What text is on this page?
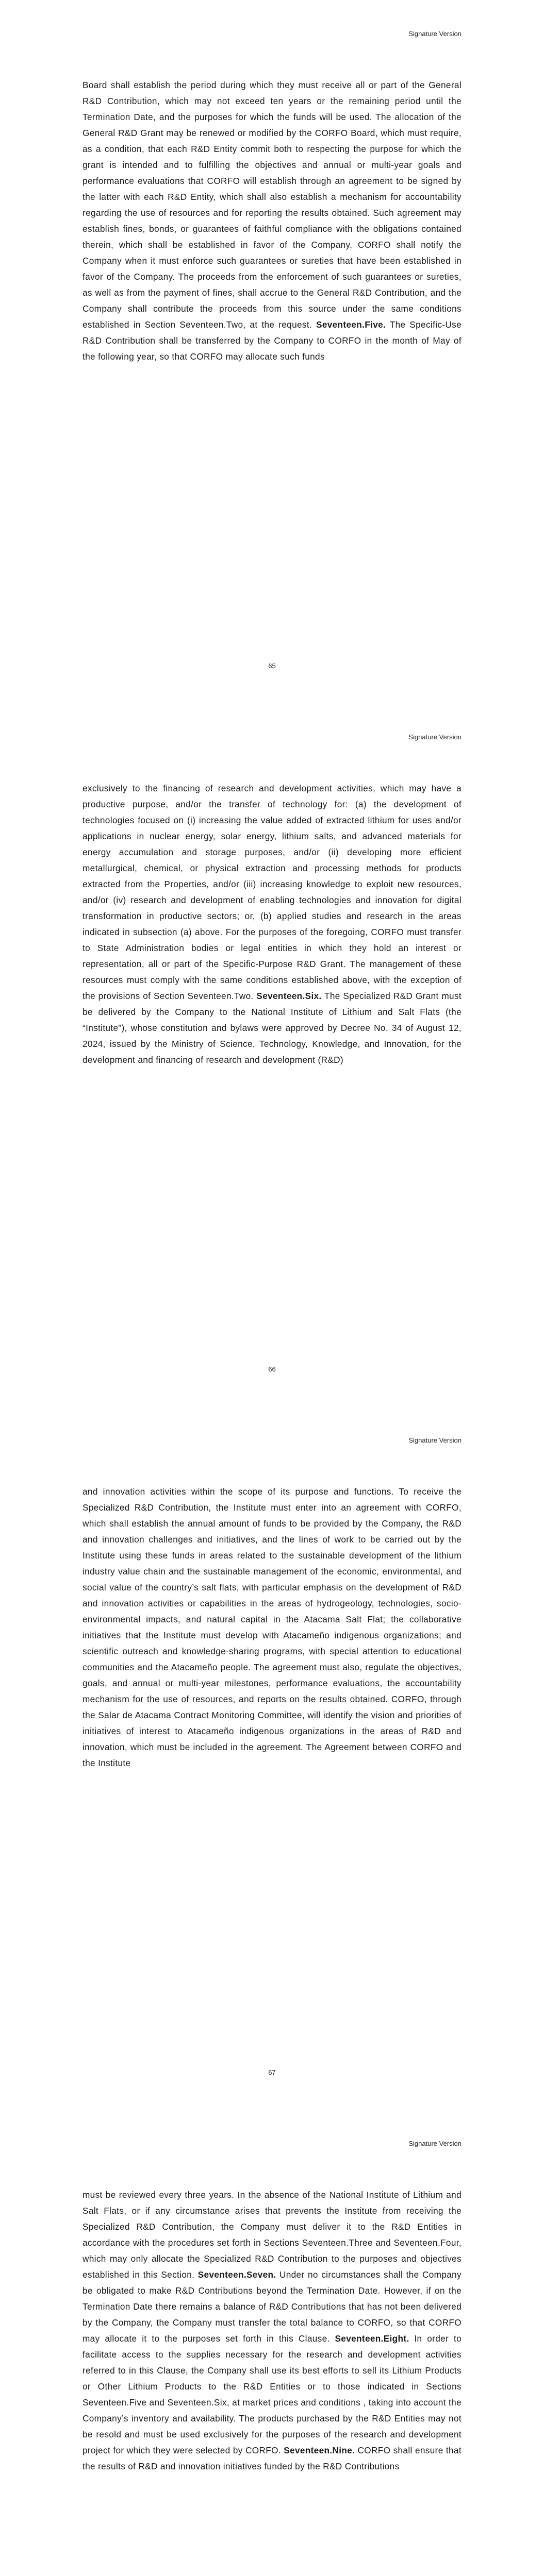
Signature Version

Board shall establish the period during which they must receive all or part of the General R&D Contribution, which may not exceed ten years or the remaining period until the Termination Date, and the purposes for which the funds will be used. The allocation of the General R&D Grant may be renewed or modified by the CORFO Board, which must require, as a condition, that each R&D Entity commit both to respecting the purpose for which the grant is intended and to fulfilling the objectives and annual or multi-year goals and performance evaluations that CORFO will establish through an agreement to be signed by the latter with each R&D Entity, which shall also establish a mechanism for accountability regarding the use of resources and for reporting the results obtained. Such agreement may establish fines, bonds, or guarantees of faithful compliance with the obligations contained therein, which shall be established in favor of the Company. CORFO shall notify the Company when it must enforce such guarantees or sureties that have been established in favor of the Company. The proceeds from the enforcement of such guarantees or sureties, as well as from the payment of fines, shall accrue to the General R&D Contribution, and the Company shall contribute the proceeds from this source under the same conditions established in Section Seventeen.Two, at the request. Seventeen.Five. The Specific-Use R&D Contribution shall be transferred by the Company to CORFO in the month of May of the following year, so that CORFO may allocate such funds

65
Signature Version

exclusively to the financing of research and development activities, which may have a productive purpose, and/or the transfer of technology for: (a) the development of technologies focused on (i) increasing the value added of extracted lithium for uses and/or applications in nuclear energy, solar energy, lithium salts, and advanced materials for energy accumulation and storage purposes, and/or (ii) developing more efficient metallurgical, chemical, or physical extraction and processing methods for products extracted from the Properties, and/or (iii) increasing knowledge to exploit new resources, and/or (iv) research and development of enabling technologies and innovation for digital transformation in productive sectors; or, (b) applied studies and research in the areas indicated in subsection (a) above. For the purposes of the foregoing, CORFO must transfer to State Administration bodies or legal entities in which they hold an interest or representation, all or part of the Specific-Purpose R&D Grant. The management of these resources must comply with the same conditions established above, with the exception of the provisions of Section Seventeen.Two. Seventeen.Six. The Specialized R&D Grant must be delivered by the Company to the National Institute of Lithium and Salt Flats (the “Institute”), whose constitution and bylaws were approved by Decree No. 34 of August 12, 2024, issued by the Ministry of Science, Technology, Knowledge, and Innovation, for the development and financing of research and development (R&D)

66
Signature Version

and innovation activities within the scope of its purpose and functions. To receive the Specialized R&D Contribution, the Institute must enter into an agreement with CORFO, which shall establish the annual amount of funds to be provided by the Company, the R&D and innovation challenges and initiatives, and the lines of work to be carried out by the Institute using these funds in areas related to the sustainable development of the lithium industry value chain and the sustainable management of the economic, environmental, and social value of the country’s salt flats, with particular emphasis on the development of R&D and innovation activities or capabilities in the areas of hydrogeology, technologies, socio-environmental impacts, and natural capital in the Atacama Salt Flat; the collaborative initiatives that the Institute must develop with Atacameño indigenous organizations; and scientific outreach and knowledge-sharing programs, with special attention to educational communities and the Atacameño people. The agreement must also, regulate the objectives, goals, and annual or multi-year milestones, performance evaluations, the accountability mechanism for the use of resources, and reports on the results obtained. CORFO, through the Salar de Atacama Contract Monitoring Committee, will identify the vision and priorities of initiatives of interest to Atacameño indigenous organizations in the areas of R&D and innovation, which must be included in the agreement. The Agreement between CORFO and the Institute

67
Signature Version

must be reviewed every three years. In the absence of the National Institute of Lithium and Salt Flats, or if any circumstance arises that prevents the Institute from receiving the Specialized R&D Contribution, the Company must deliver it to the R&D Entities in accordance with the procedures set forth in Sections Seventeen.Three and Seventeen.Four, which may only allocate the Specialized R&D Contribution to the purposes and objectives established in this Section. Seventeen.Seven. Under no circumstances shall the Company be obligated to make R&D Contributions beyond the Termination Date. However, if on the Termination Date there remains a balance of R&D Contributions that has not been delivered by the Company, the Company must transfer the total balance to CORFO, so that CORFO may allocate it to the purposes set forth in this Clause. Seventeen.Eight. In order to facilitate access to the supplies necessary for the research and development activities referred to in this Clause, the Company shall use its best efforts to sell its Lithium Products or Other Lithium Products to the R&D Entities or to those indicated in Sections Seventeen.Five and Seventeen.Six, at market prices and conditions , taking into account the Company’s inventory and availability. The products purchased by the R&D Entities may not be resold and must be used exclusively for the purposes of the research and development project for which they were selected by CORFO. Seventeen.Nine. CORFO shall ensure that the results of R&D and innovation initiatives funded by the R&D Contributions
